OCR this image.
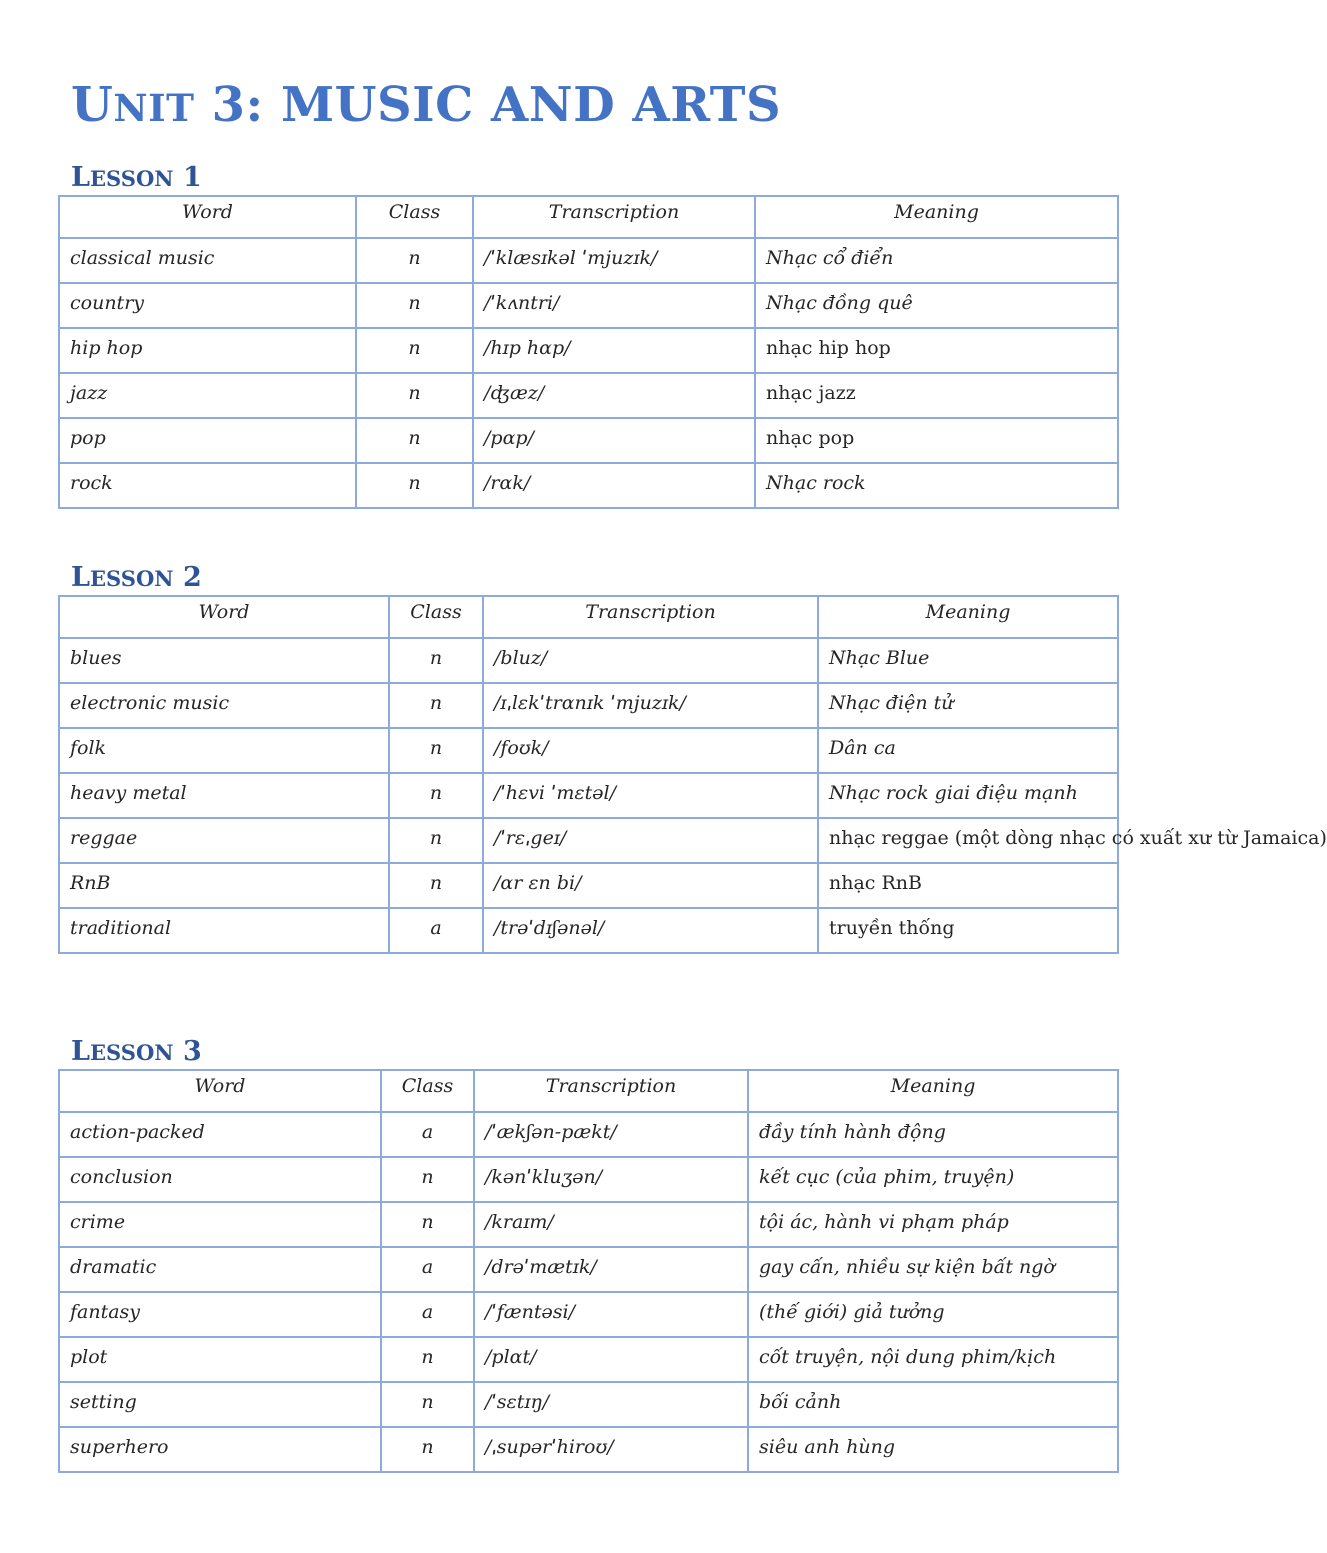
UNIT 3: MUSIC AND ARTS
LESSON 1
Word	Class	Transcription	Meaning
classical music	n	/ˈklæsɪkəl ˈmjuzɪk/	Nhạc cổ điển
country	n	/ˈkʌntri/	Nhạc đồng quê
hip hop	n	/hɪp hɑp/	nhạc hip hop
jazz	n	/ʤæz/	nhạc jazz
pop	n	/pɑp/	nhạc pop
rock	n	/rɑk/	Nhạc rock
LESSON 2
Word	Class	Transcription	Meaning
blues	n	/bluz/	Nhạc Blue
electronic music	n	/ɪˌlɛkˈtrɑnɪk ˈmjuzɪk/	Nhạc điện tử
folk	n	/foʊk/	Dân ca
heavy metal	n	/ˈhɛvi ˈmɛtəl/	Nhạc rock giai điệu mạnh
reggae	n	/ˈrɛˌgeɪ/	nhạc reggae (một dòng nhạc có xuất xư từ Jamaica)
RnB	n	/ɑr ɛn bi/	nhạc RnB
traditional	a	/trəˈdɪʃənəl/	truyền thống
LESSON 3
Word	Class	Transcription	Meaning
action-packed	a	/ˈækʃən-pækt/	đầy tính hành động
conclusion	n	/kənˈkluʒən/	kết cục (của phim, truyện)
crime	n	/kraɪm/	tội ác, hành vi phạm pháp
dramatic	a	/drəˈmætɪk/	gay cấn, nhiều sự kiện bất ngờ
fantasy	a	/ˈfæntəsi/	(thế giới) giả tưởng
plot	n	/plɑt/	cốt truyện, nội dung phim/kịch
setting	n	/ˈsɛtɪŋ/	bối cảnh
superhero	n	/ˌsupərˈhiroʊ/	siêu anh hùng
